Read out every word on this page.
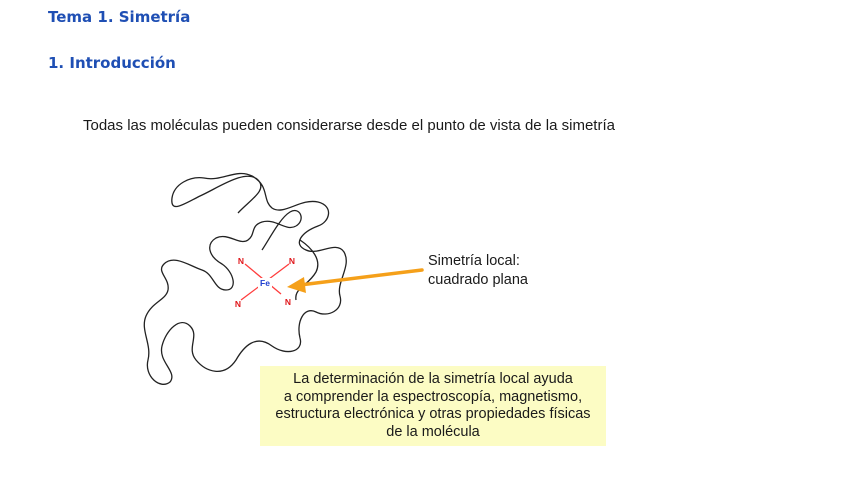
Tema 1. Simetría
1. Introducción
Todas las moléculas pueden considerarse desde el punto de vista de la simetría
N	N
N	N
Fe
Simetría local:
cuadrado plana
La determinación de la simetría local ayuda
a comprender la espectroscopía, magnetismo,
estructura electrónica y otras propiedades físicas
de la molécula
